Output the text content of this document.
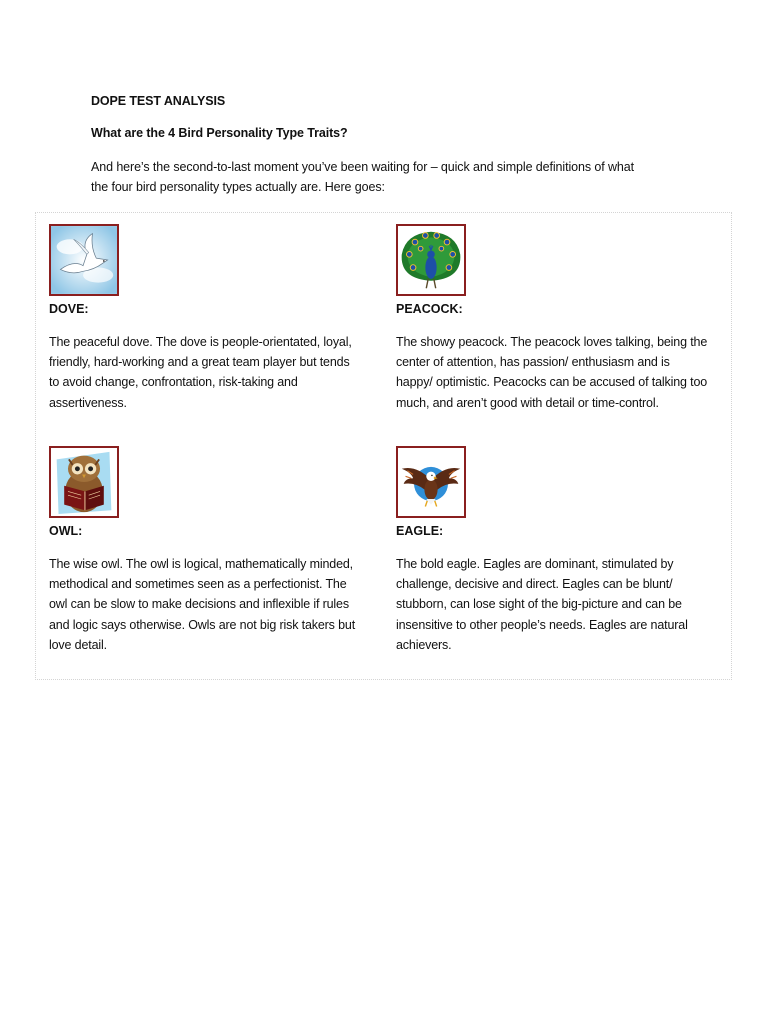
DOPE TEST ANALYSIS
What are the 4 Bird Personality Type Traits?
And here’s the second-to-last moment you’ve been waiting for – quick and simple definitions of what
the four bird personality types actually are. Here goes:
DOVE:
The peaceful dove. The dove is people-orientated, loyal,
friendly, hard-working and a great team player but tends
to avoid change, confrontation, risk-taking and
assertiveness.
PEACOCK:
The showy peacock. The peacock loves talking, being the
center of attention, has passion/ enthusiasm and is
happy/ optimistic. Peacocks can be accused of talking too
much, and aren’t good with detail or time-control.
OWL:
The wise owl. The owl is logical, mathematically minded,
methodical and sometimes seen as a perfectionist. The
owl can be slow to make decisions and inflexible if rules
and logic says otherwise. Owls are not big risk takers but
love detail.
EAGLE:
The bold eagle. Eagles are dominant, stimulated by
challenge, decisive and direct. Eagles can be blunt/
stubborn, can lose sight of the big-picture and can be
insensitive to other people’s needs. Eagles are natural
achievers.
